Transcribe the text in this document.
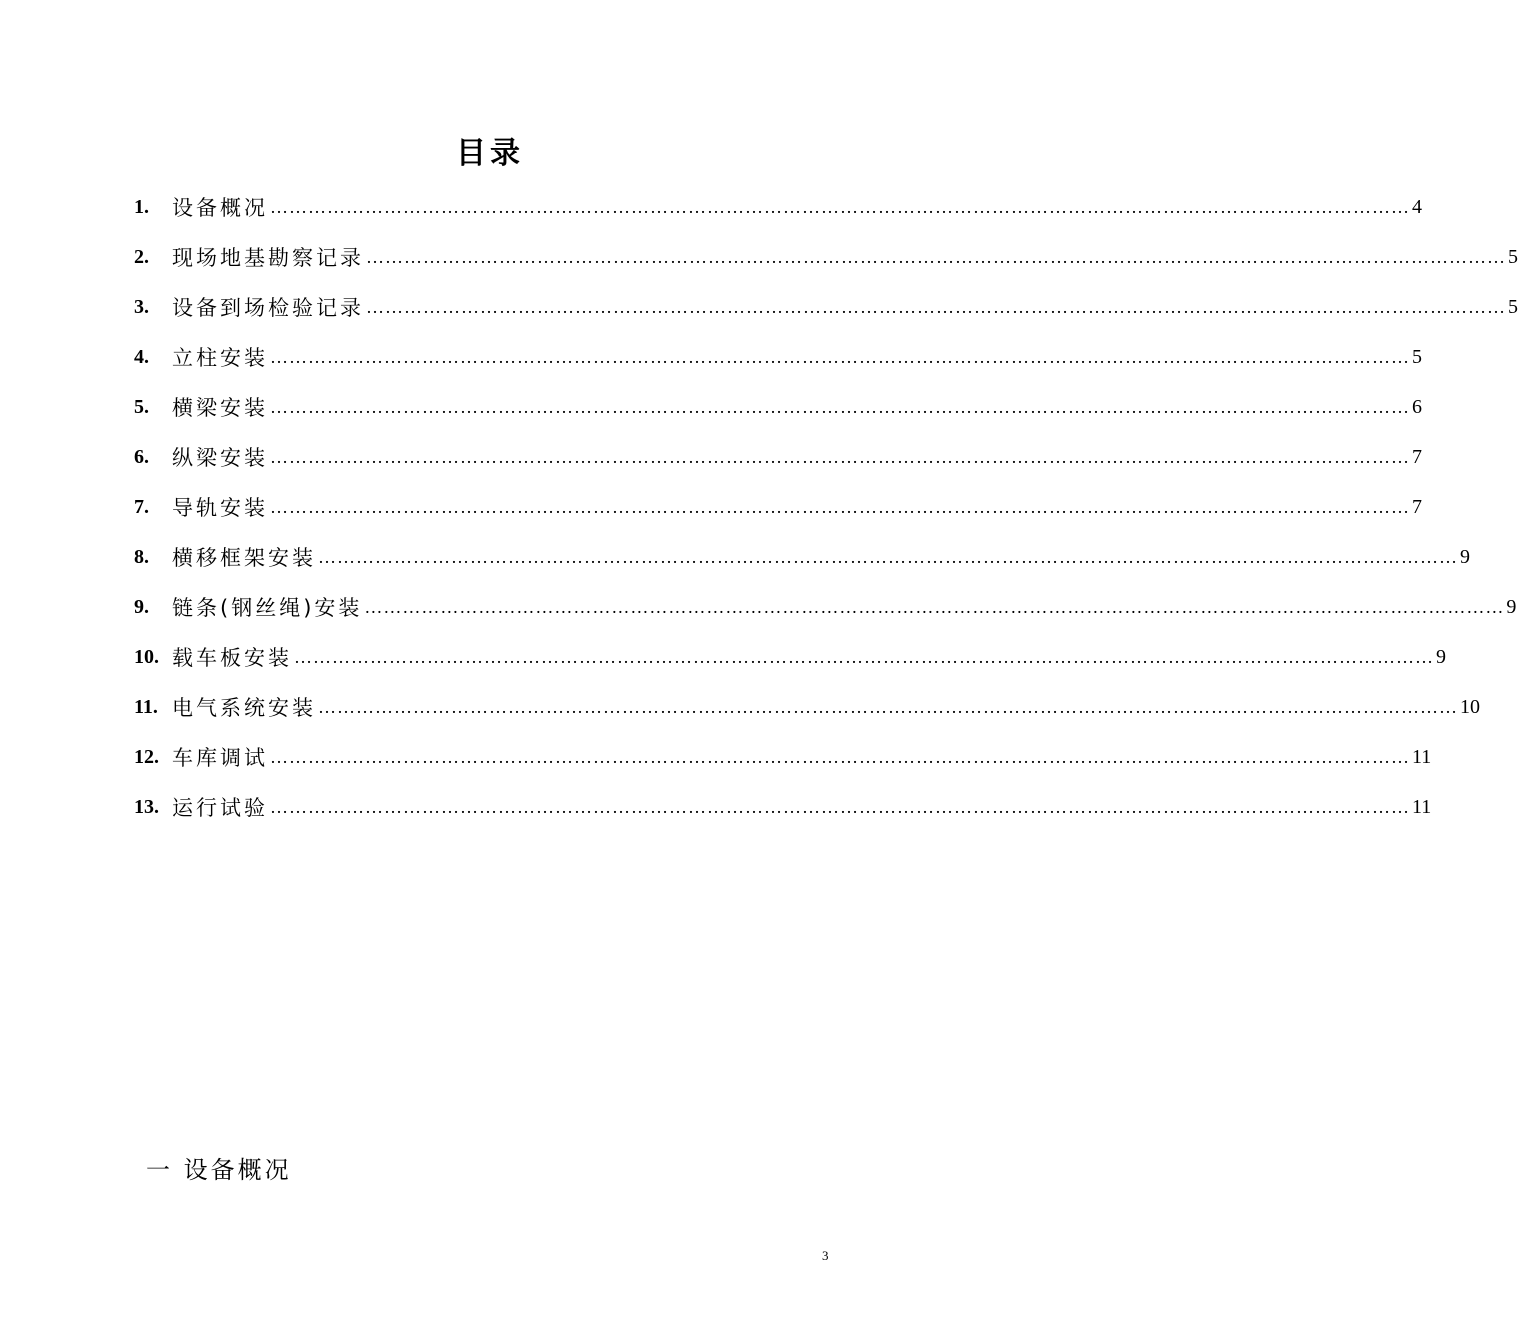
目录
1.	设备概况 ……………………………………………………………………………………………………………………………………………………………… 4
2.	现场地基勘察记录 ……………………………………………………………………………………………………………………………………………………………… 5
3.	设备到场检验记录 ……………………………………………………………………………………………………………………………………………………………… 5
4.	立柱安装 ……………………………………………………………………………………………………………………………………………………………… 5
5.	横梁安装 ……………………………………………………………………………………………………………………………………………………………… 6
6.	纵梁安装 ……………………………………………………………………………………………………………………………………………………………… 7
7.	导轨安装 ……………………………………………………………………………………………………………………………………………………………… 7
8.	横移框架安装 ……………………………………………………………………………………………………………………………………………………………… 9
9.	链条(钢丝绳)安装 ……………………………………………………………………………………………………………………………………………………………… 9
10. 载车板安装 ……………………………………………………………………………………………………………………………………………………………… 9
11. 电气系统安装 ……………………………………………………………………………………………………………………………………………………………… 10
12. 车库调试 ……………………………………………………………………………………………………………………………………………………………… 11
13. 运行试验 ……………………………………………………………………………………………………………………………………………………………… 11
一 设备概况
3
